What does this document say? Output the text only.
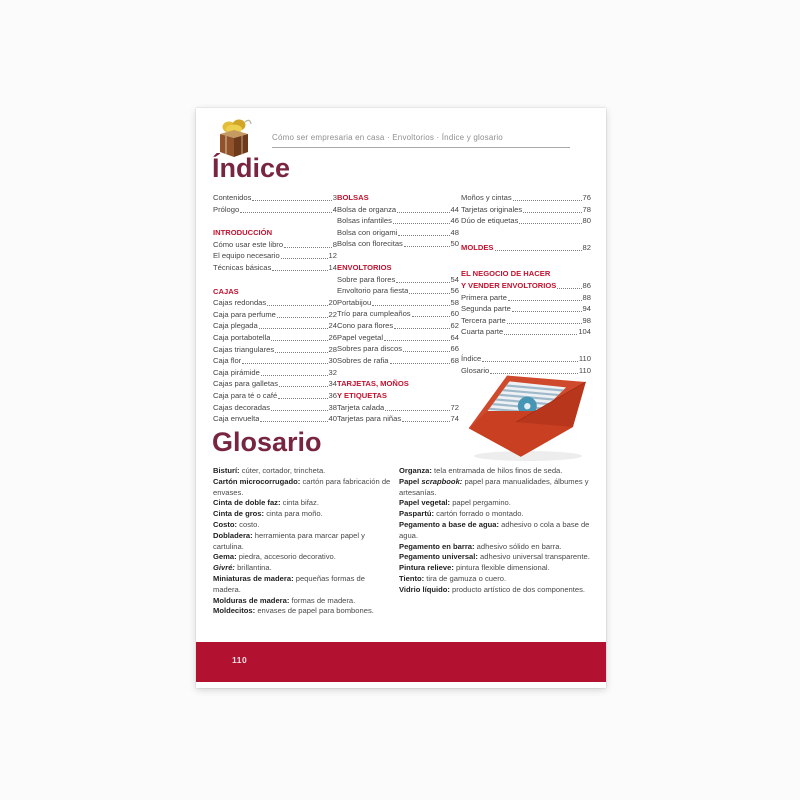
Cómo ser empresaria en casa · Envoltorios · Índice y glosario
Índice
Contenidos	3
Prólogo	4
INTRODUCCIÓN
Cómo usar este libro	8
El equipo necesario	12
Técnicas básicas	14
CAJAS
Cajas redondas	20
Caja para perfume	22
Caja plegada	24
Caja portabotella	26
Cajas triangulares	28
Caja flor	30
Caja pirámide	32
Cajas para galletas	34
Caja para té o café	36
Cajas decoradas	38
Caja envuelta	40
BOLSAS
Bolsa de organza	44
Bolsas infantiles	46
Bolsa con origami	48
Bolsa con florecitas	50
ENVOLTORIOS
Sobre para flores	54
Envoltorio para fiesta	56
Portabijou	58
Trío para cumpleaños	60
Cono para flores	62
Papel vegetal	64
Sobres para discos	66
Sobres de rafia	68
TARJETAS, MOÑOS
Y ETIQUETAS
Tarjeta calada	72
Tarjetas para niñas	74
Moños y cintas	76
Tarjetas originales	78
Dúo de etiquetas	80
MOLDES	82
EL NEGOCIO DE HACER
Y VENDER ENVOLTORIOS	86
Primera parte	88
Segunda parte	94
Tercera parte	98
Cuarta parte	104
Índice	110
Glosario	110
Glosario

Bisturí: cúter, cortador, trincheta.

Cartón microcorrugado: cartón para fabricación de envases.

Cinta de doble faz: cinta bifaz.

Cinta de gros: cinta para moño.

Costo: costo.

Dobladera: herramienta para marcar papel y cartulina.

Gema: piedra, accesorio decorativo.

Givré: brillantina.

Miniaturas de madera: pequeñas formas de madera.

Molduras de madera: formas de madera.

Moldecitos: envases de papel para bombones.

Organza: tela entramada de hilos finos de seda.

Papel scrapbook: papel para manualidades, álbumes y artesanías.

Papel vegetal: papel pergamino.

Paspartú: cartón forrado o montado.

Pegamento a base de agua: adhesivo o cola a base de agua.

Pegamento en barra: adhesivo sólido en barra.

Pegamento universal: adhesivo universal transparente.

Pintura relieve: pintura flexible dimensional.

Tiento: tira de gamuza o cuero.

Vidrio líquido: producto artístico de dos componentes.

110
